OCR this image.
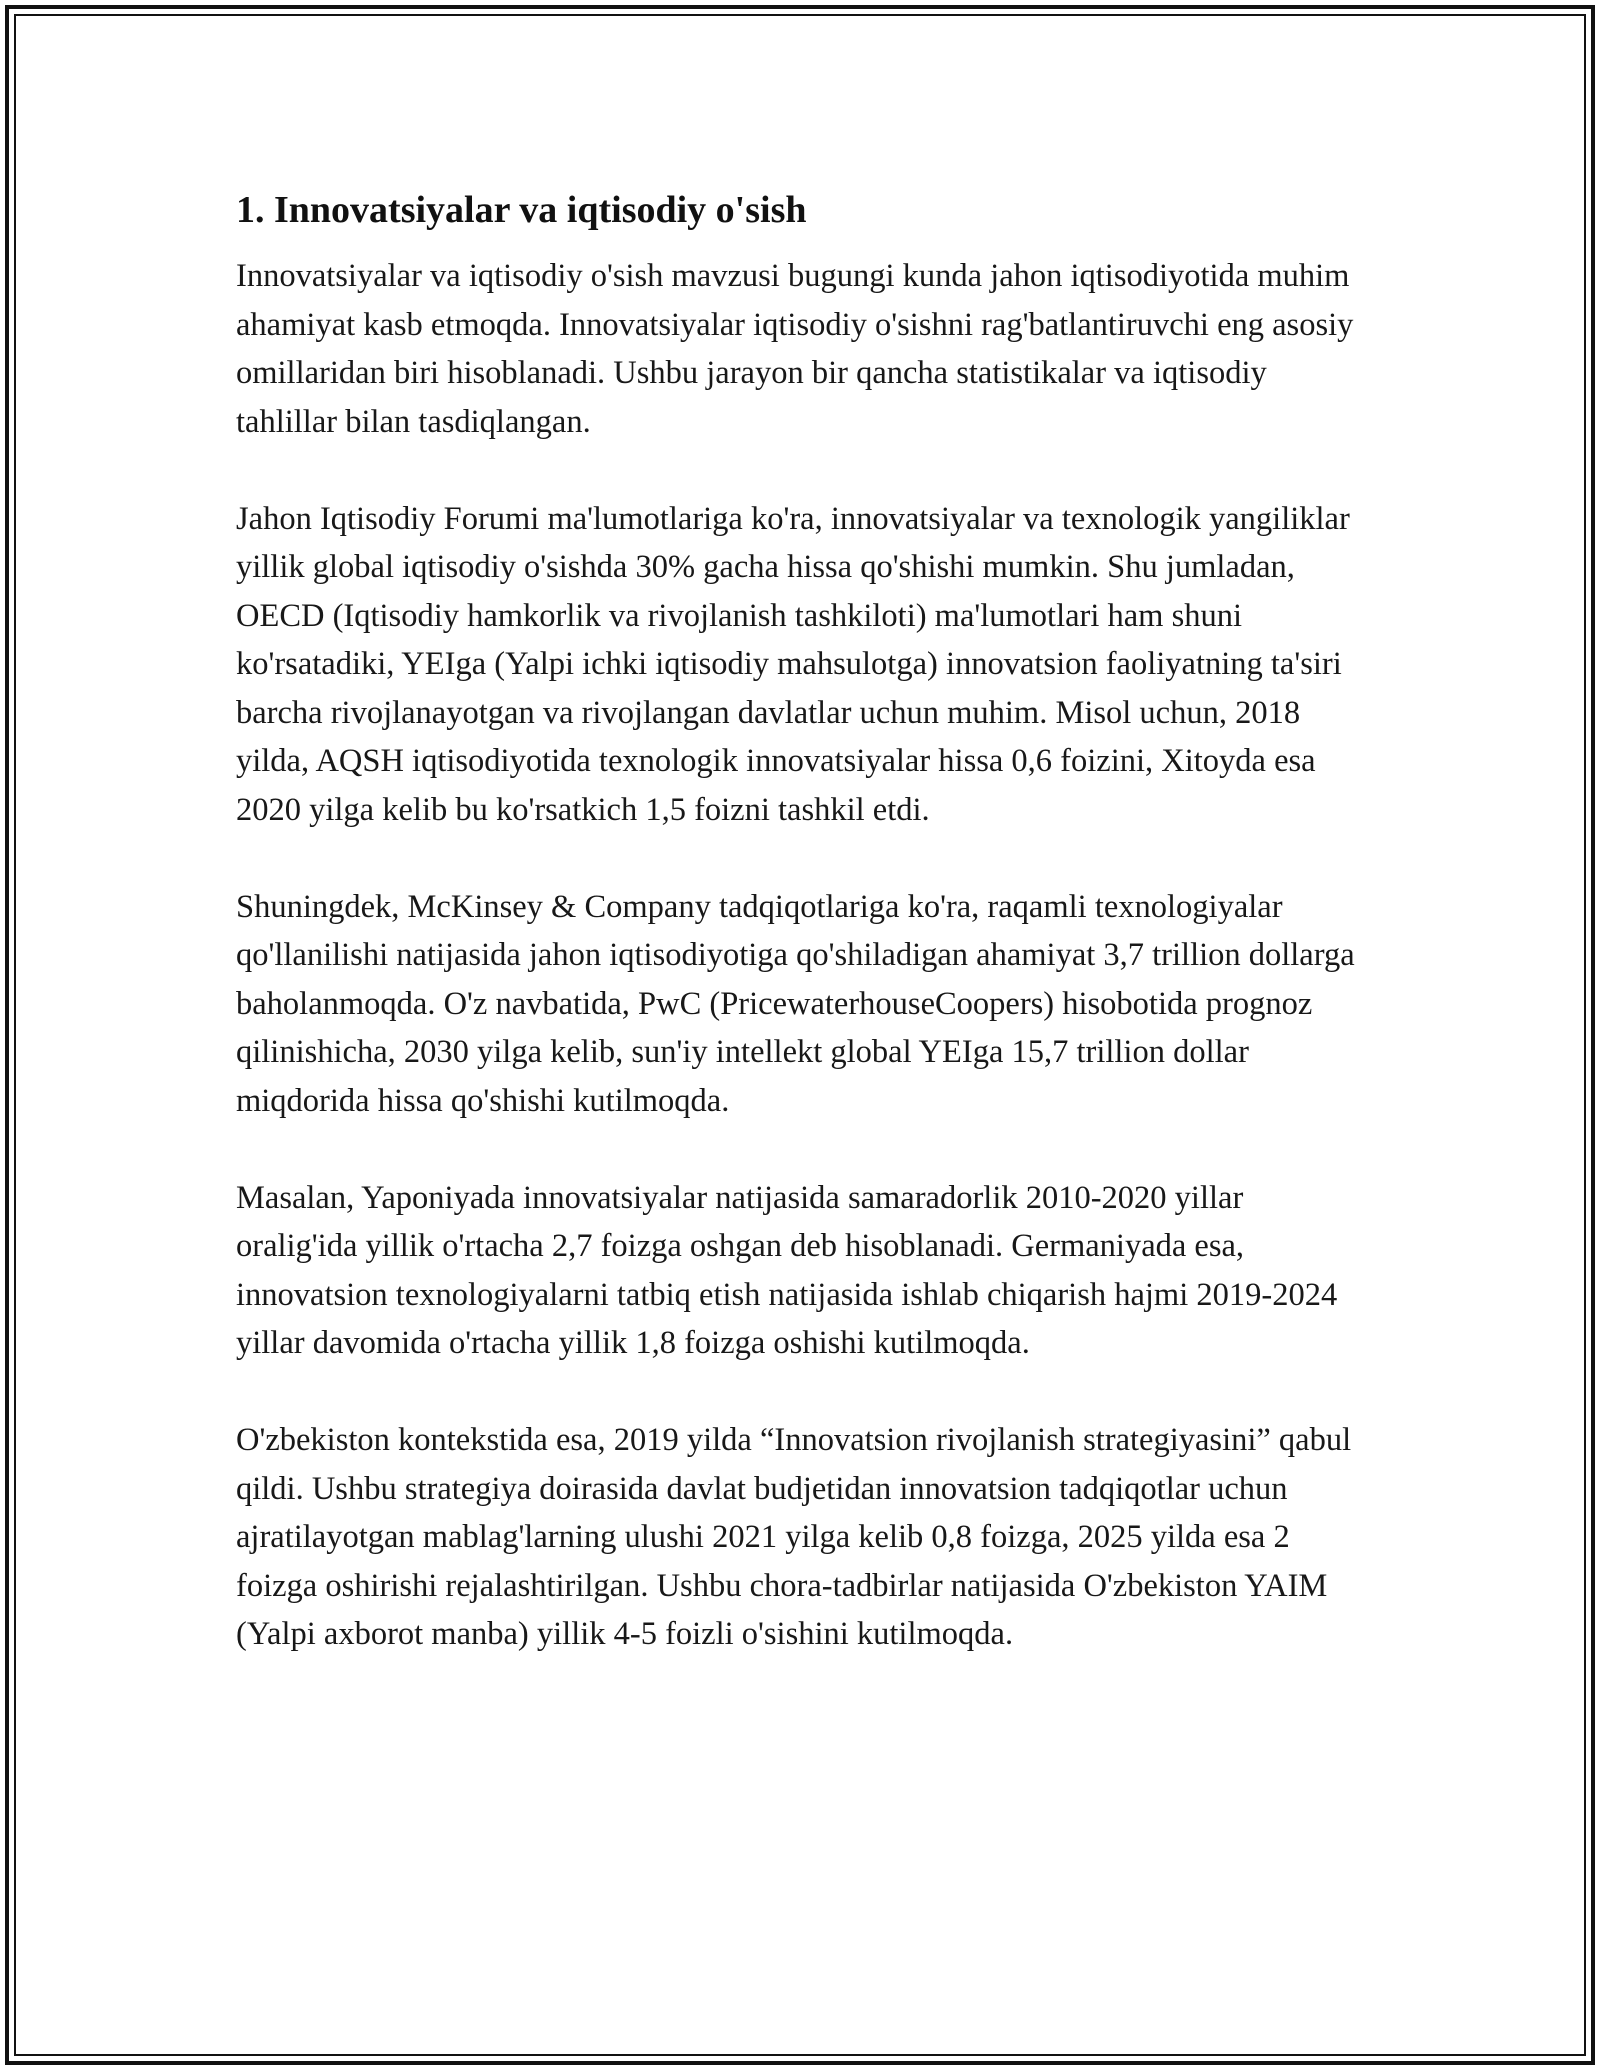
1. Innovatsiyalar va iqtisodiy o'sish

Innovatsiyalar va iqtisodiy o'sish mavzusi bugungi kunda jahon iqtisodiyotida muhim ahamiyat kasb etmoqda. Innovatsiyalar iqtisodiy o'sishni rag'batlantiruvchi eng asosiy omillaridan biri hisoblanadi. Ushbu jarayon bir qancha statistikalar va iqtisodiy tahlillar bilan tasdiqlangan.

Jahon Iqtisodiy Forumi ma'lumotlariga ko'ra, innovatsiyalar va texnologik yangiliklar yillik global iqtisodiy o'sishda 30% gacha hissa qo'shishi mumkin. Shu jumladan, OECD (Iqtisodiy hamkorlik va rivojlanish tashkiloti) ma'lumotlari ham shuni ko'rsatadiki, YEIga (Yalpi ichki iqtisodiy mahsulotga) innovatsion faoliyatning ta'siri barcha rivojlanayotgan va rivojlangan davlatlar uchun muhim. Misol uchun, 2018 yilda, AQSH iqtisodiyotida texnologik innovatsiyalar hissa 0,6 foizini, Xitoyda esa 2020 yilga kelib bu ko'rsatkich 1,5 foizni tashkil etdi.

Shuningdek, McKinsey & Company tadqiqotlariga ko'ra, raqamli texnologiyalar qo'llanilishi natijasida jahon iqtisodiyotiga qo'shiladigan ahamiyat 3,7 trillion dollarga baholanmoqda. O'z navbatida, PwC (PricewaterhouseCoopers) hisobotida prognoz qilinishicha, 2030 yilga kelib, sun'iy intellekt global YEIga 15,7 trillion dollar miqdorida hissa qo'shishi kutilmoqda.

Masalan, Yaponiyada innovatsiyalar natijasida samaradorlik 2010-2020 yillar oralig'ida yillik o'rtacha 2,7 foizga oshgan deb hisoblanadi. Germaniyada esa, innovatsion texnologiyalarni tatbiq etish natijasida ishlab chiqarish hajmi 2019-2024 yillar davomida o'rtacha yillik 1,8 foizga oshishi kutilmoqda.

O'zbekiston kontekstida esa, 2019 yilda “Innovatsion rivojlanish strategiyasini” qabul qildi. Ushbu strategiya doirasida davlat budjetidan innovatsion tadqiqotlar uchun ajratilayotgan mablag'larning ulushi 2021 yilga kelib 0,8 foizga, 2025 yilda esa 2 foizga oshirishi rejalashtirilgan. Ushbu chora-tadbirlar natijasida O'zbekiston YAIM (Yalpi axborot manba) yillik 4-5 foizli o'sishini kutilmoqda.
